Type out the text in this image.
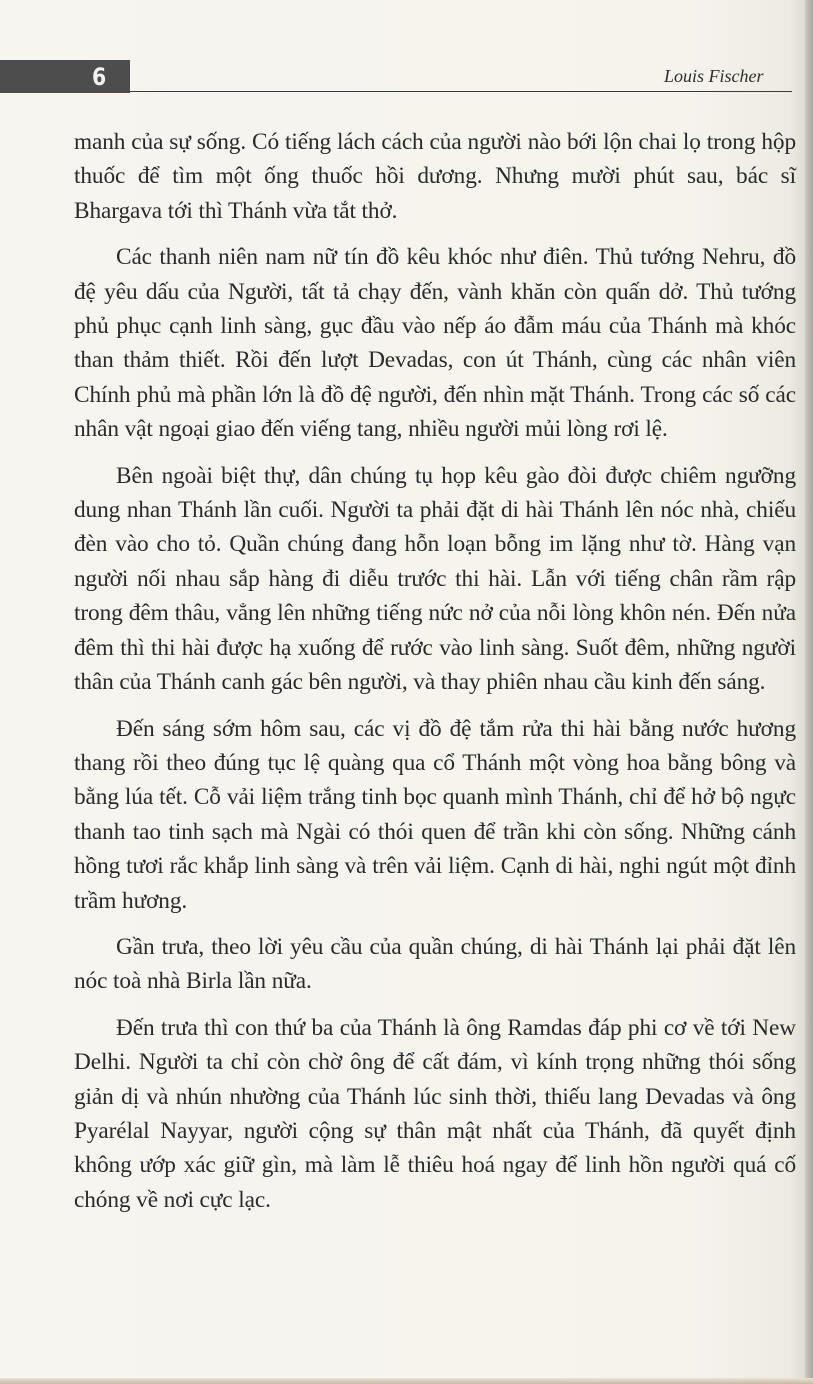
6	Louis Fischer

manh của sự sống. Có tiếng lách cách của người nào bới lộn chai lọ trong hộp thuốc để tìm một ống thuốc hồi dương. Nhưng mười phút sau, bác sĩ Bhargava tới thì Thánh vừa tắt thở.

Các thanh niên nam nữ tín đồ kêu khóc như điên. Thủ tướng Nehru, đồ đệ yêu dấu của Người, tất tả chạy đến, vành khăn còn quấn dở. Thủ tướng phủ phục cạnh linh sàng, gục đầu vào nếp áo đẫm máu của Thánh mà khóc than thảm thiết. Rồi đến lượt Devadas, con út Thánh, cùng các nhân viên Chính phủ mà phần lớn là đồ đệ người, đến nhìn mặt Thánh. Trong các số các nhân vật ngoại giao đến viếng tang, nhiều người mủi lòng rơi lệ.

Bên ngoài biệt thự, dân chúng tụ họp kêu gào đòi được chiêm ngưỡng dung nhan Thánh lần cuối. Người ta phải đặt di hài Thánh lên nóc nhà, chiếu đèn vào cho tỏ. Quần chúng đang hỗn loạn bỗng im lặng như tờ. Hàng vạn người nối nhau sắp hàng đi diễu trước thi hài. Lẫn với tiếng chân rầm rập trong đêm thâu, vẳng lên những tiếng nức nở của nỗi lòng khôn nén. Đến nửa đêm thì thi hài được hạ xuống để rước vào linh sàng. Suốt đêm, những người thân của Thánh canh gác bên người, và thay phiên nhau cầu kinh đến sáng.

Đến sáng sớm hôm sau, các vị đồ đệ tắm rửa thi hài bằng nước hương thang rồi theo đúng tục lệ quàng qua cổ Thánh một vòng hoa bằng bông và bằng lúa tết. Cỗ vải liệm trắng tinh bọc quanh mình Thánh, chỉ để hở bộ ngực thanh tao tinh sạch mà Ngài có thói quen để trần khi còn sống. Những cánh hồng tươi rắc khắp linh sàng và trên vải liệm. Cạnh di hài, nghi ngút một đỉnh trầm hương.

Gần trưa, theo lời yêu cầu của quần chúng, di hài Thánh lại phải đặt lên nóc toà nhà Birla lần nữa.

Đến trưa thì con thứ ba của Thánh là ông Ramdas đáp phi cơ về tới New Delhi. Người ta chỉ còn chờ ông để cất đám, vì kính trọng những thói sống giản dị và nhún nhường của Thánh lúc sinh thời, thiếu lang Devadas và ông Pyarélal Nayyar, người cộng sự thân mật nhất của Thánh, đã quyết định không ướp xác giữ gìn, mà làm lễ thiêu hoá ngay để linh hồn người quá cố chóng về nơi cực lạc.
